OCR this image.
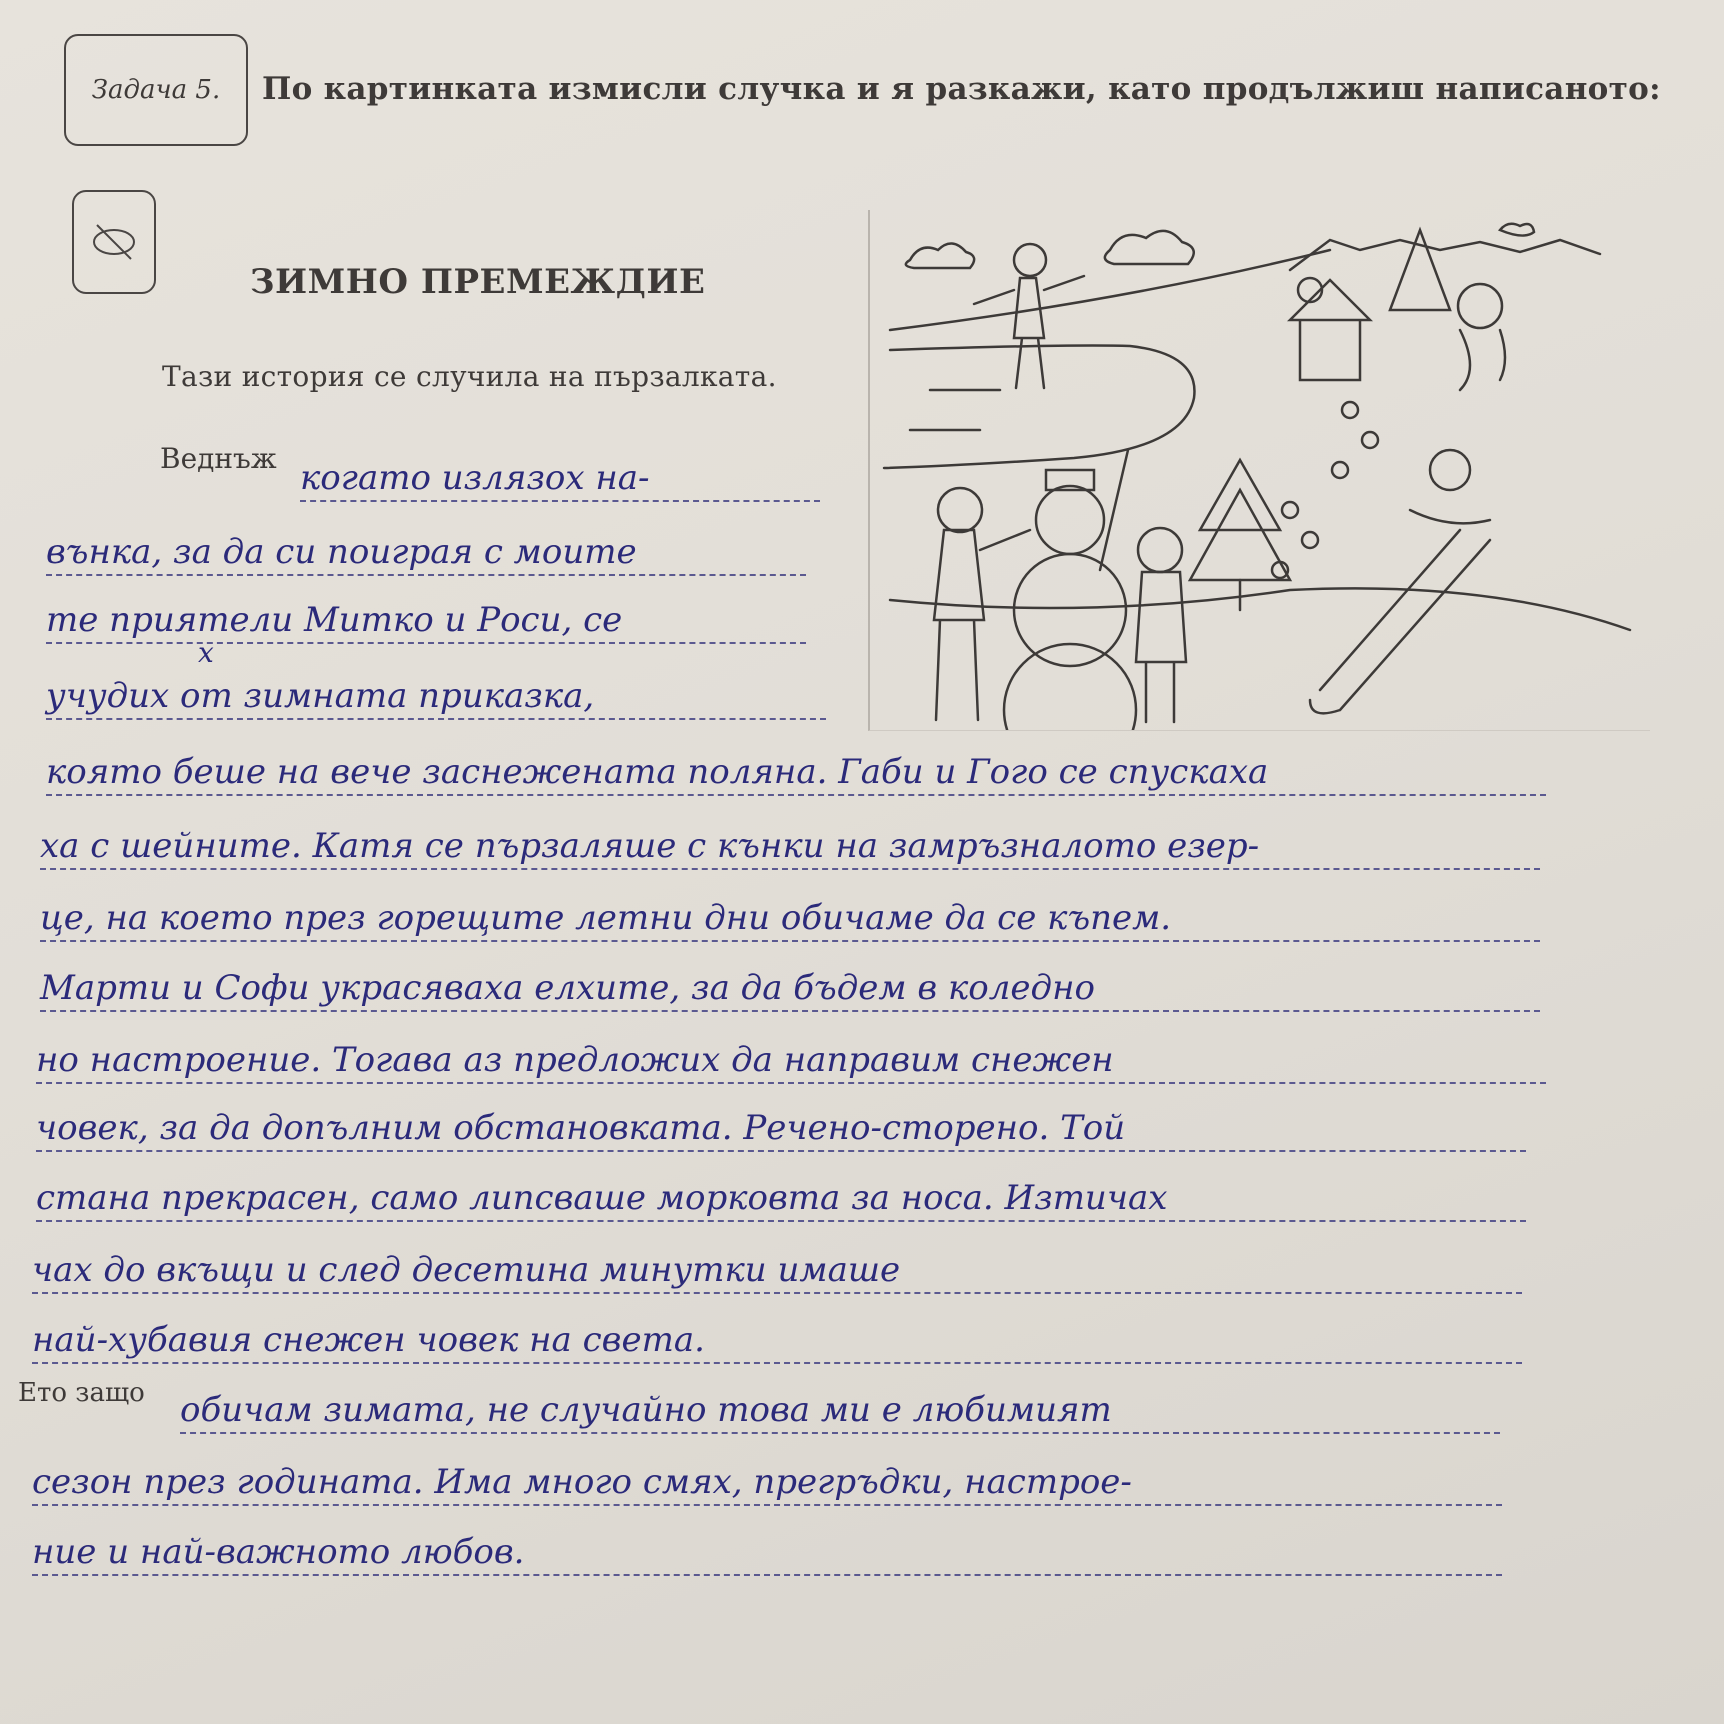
Задача 5. По картинката измисли случка и я разкажи, като продължиш написаното:
ЗИМНО ПРЕМЕЖДИЕ
Тази история се случила на пързалката.
Веднъж когато излязох на-
вънка, за да си поиграя с моите
те приятели Митко и Роси, се
х
учудих от зимната приказка,
която беше на вече заснежената поляна. Габи и Гого се спускаха
ха с шейните. Катя се пързаляше с кънки на замръзналото езер-
це, на което през горещите летни дни обичаме да се къпем.
Марти и Софи украсяваха елхите, за да бъдем в коледно
но настроение. Тогава аз предложих да направим снежен
човек, за да допълним обстановката. Речено-сторено. Той
стана прекрасен, само липсваше морковта за носа. Изтичах
чах до вкъщи и след десетина минутки имаше
най-хубавия снежен човек на света.
Ето защо обичам зимата, не случайно това ми е любимият
сезон през годината. Има много смях, прегръдки, настрое-
ние и най-важното любов.
